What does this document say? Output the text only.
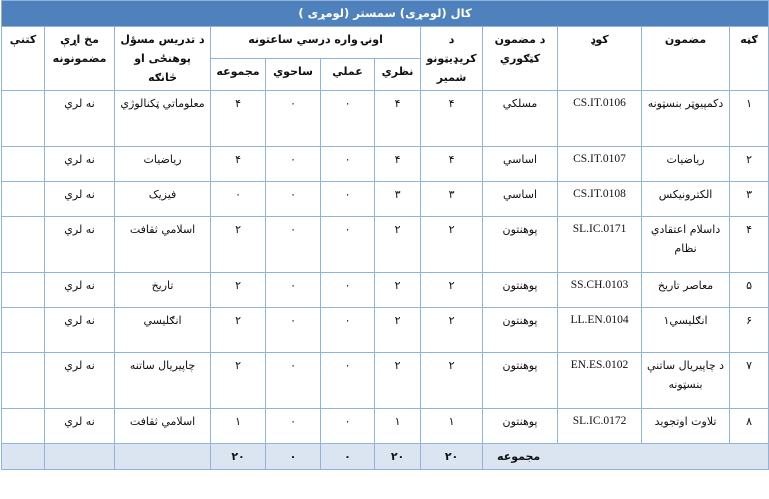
کال (لومړی) سمستر (لومړی )											
ګڼه	مضمون	کوډ	د مضمون کټګوري	د کریډیټونو شمیر	اونۍ واره درسي ساعتونه				د تدریس مسؤل پوهنځی او څانګه	مخ اړې مضمونونه	کتنې
					نظري	عملي	ساحوي	مجموعه			
۱	دکمپیوټر بنسټونه	CS.IT.0106	مسلکي	۴	۴	۰	۰	۴	معلوماتي ټکنالوژي	نه لري	
۲	ریاضیات	CS.IT.0107	اساسي	۴	۴	۰	۰	۴	ریاضیات	نه لري	
۳	الکترونیکس	CS.IT.0108	اساسي	۳	۳	۰	۰	۰	فیزیک	نه لري	
۴	داسلام اعتقادي نظام	SL.IC.0171	پوهنتون	۲	۲	۰	۰	۲	اسلامي ثقافت	نه لري	
۵	معاصر تاریخ	SS.CH.0103	پوهنتون	۲	۲	۰	۰	۲	تاریخ	نه لري	
۶	انګلیسي۱	LL.EN.0104	پوهنتون	۲	۲	۰	۰	۲	انګلیسي	نه لري	
۷	د چاپیریال ساتنې بنسټونه	EN.ES.0102	پوهنتون	۲	۲	۰	۰	۲	چاپیریال ساتنه	نه لري	
۸	تلاوت اوتجوید	SL.IC.0172	پوهنتون	۱	۱	۰	۰	۱	اسلامي ثقافت	نه لري	
مجموعه				۲۰	۲۰	۰	۰	۲۰			
